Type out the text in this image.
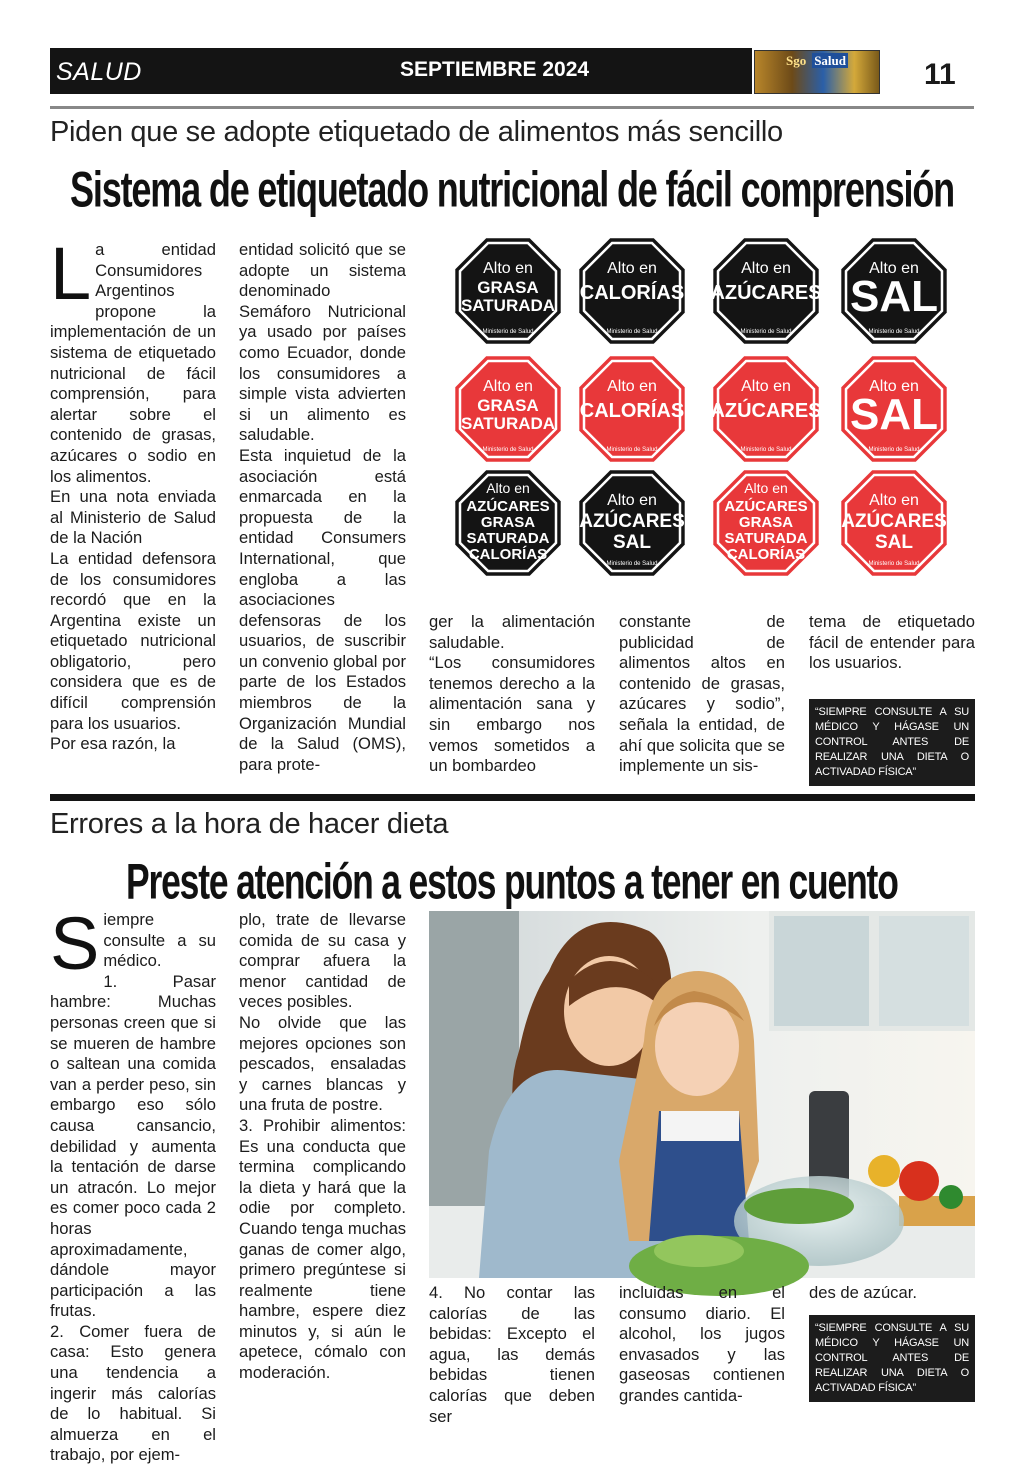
SALUD	SEPTIEMBRE 2024	Sgo Salud	11
Piden que se adopte etiquetado de alimentos más sencillo
Sistema de etiquetado nutricional de fácil comprensión
L a entidad Consumidores Argentinos propone la implementación de un sistema de etiquetado nutricional de fácil comprensión, para alertar sobre el contenido de grasas, azúcares o sodio en los alimentos.

En una nota enviada al Ministerio de Salud de la Nación

La entidad defensora de los consumidores recordó que en la Argentina existe un etiquetado nutricional obligatorio, pero considera que es de difícil comprensión para los usuarios.

Por esa razón, la

entidad solicitó que se adopte un sistema denominado Semáforo Nutricional ya usado por países como Ecuador, donde los consumidores a simple vista advierten si un alimento es saludable.

Esta inquietud de la asociación está enmarcada en la propuesta de la entidad Consumers International, que engloba a las asociaciones defensoras de los usuarios, de suscribir un convenio global por parte de los Estados miembros de la Organización Mundial de la Salud (OMS), para prote-

Alto en
GRASA
SATURADA
Ministerio de Salud
Alto en
CALORÍAS
Ministerio de Salud
Alto en
AZÚCARES
Ministerio de Salud
Alto en
SAL
Ministerio de Salud
Alto en
GRASA
SATURADA
Ministerio de Salud
Alto en
CALORÍAS
Ministerio de Salud
Alto en
AZÚCARES
Ministerio de Salud
Alto en
SAL
Ministerio de Salud
Alto en
AZÚCARES
GRASA
SATURADA
CALORÍAS
Alto en
AZÚCARES
SAL
Ministerio de Salud
Alto en
AZÚCARES
GRASA
SATURADA
CALORÍAS
Alto en
AZÚCARES
SAL
Ministerio de Salud

ger la alimentación saludable.

“Los consumidores tenemos derecho a la alimentación sana y sin embargo nos vemos sometidos a un bombardeo

constante de publicidad de alimentos altos en contenido de grasas, azúcares y sodio”, señala la entidad, de ahí que solicita que se implemente un sis-

tema de etiquetado fácil de entender para los usuarios.

“SIEMPRE CONSULTE A SU MÉDICO Y HÁGASE UN CONTROL ANTES DE REALIZAR UNA DIETA O ACTIVADAD FÍSICA”
Errores a la hora de hacer dieta
Preste atención a estos puntos a tener en cuento
S iempre consulte a su médico.

1. Pasar hambre: Muchas personas creen que si se mueren de hambre o saltean una comida van a perder peso, sin embargo eso sólo causa cansancio, debilidad y aumenta la tentación de darse un atracón. Lo mejor es comer poco cada 2 horas aproximadamente, dándole mayor participación a las frutas.

2. Comer fuera de casa: Esto genera una tendencia a ingerir más calorías de lo habitual. Si almuerza en el trabajo, por ejem-

plo, trate de llevarse comida de su casa y comprar afuera la menor cantidad de veces posibles.

No olvide que las mejores opciones son pescados, ensaladas y carnes blancas y una fruta de postre.

3. Prohibir alimentos: Es una conducta que termina complicando la dieta y hará que la odie por completo. Cuando tenga muchas ganas de comer algo, primero pregúntese si realmente tiene hambre, espere diez minutos y, si aún le apetece, cómalo con moderación.

4. No contar las calorías de las bebidas: Excepto el agua, las demás bebidas tienen calorías que deben ser

incluidas en el consumo diario. El alcohol, los jugos envasados y las gaseosas contienen grandes cantida-

des de azúcar.

“SIEMPRE CONSULTE A SU MÉDICO Y HÁGASE UN CONTROL ANTES DE REALIZAR UNA DIETA O ACTIVADAD FÍSICA”
